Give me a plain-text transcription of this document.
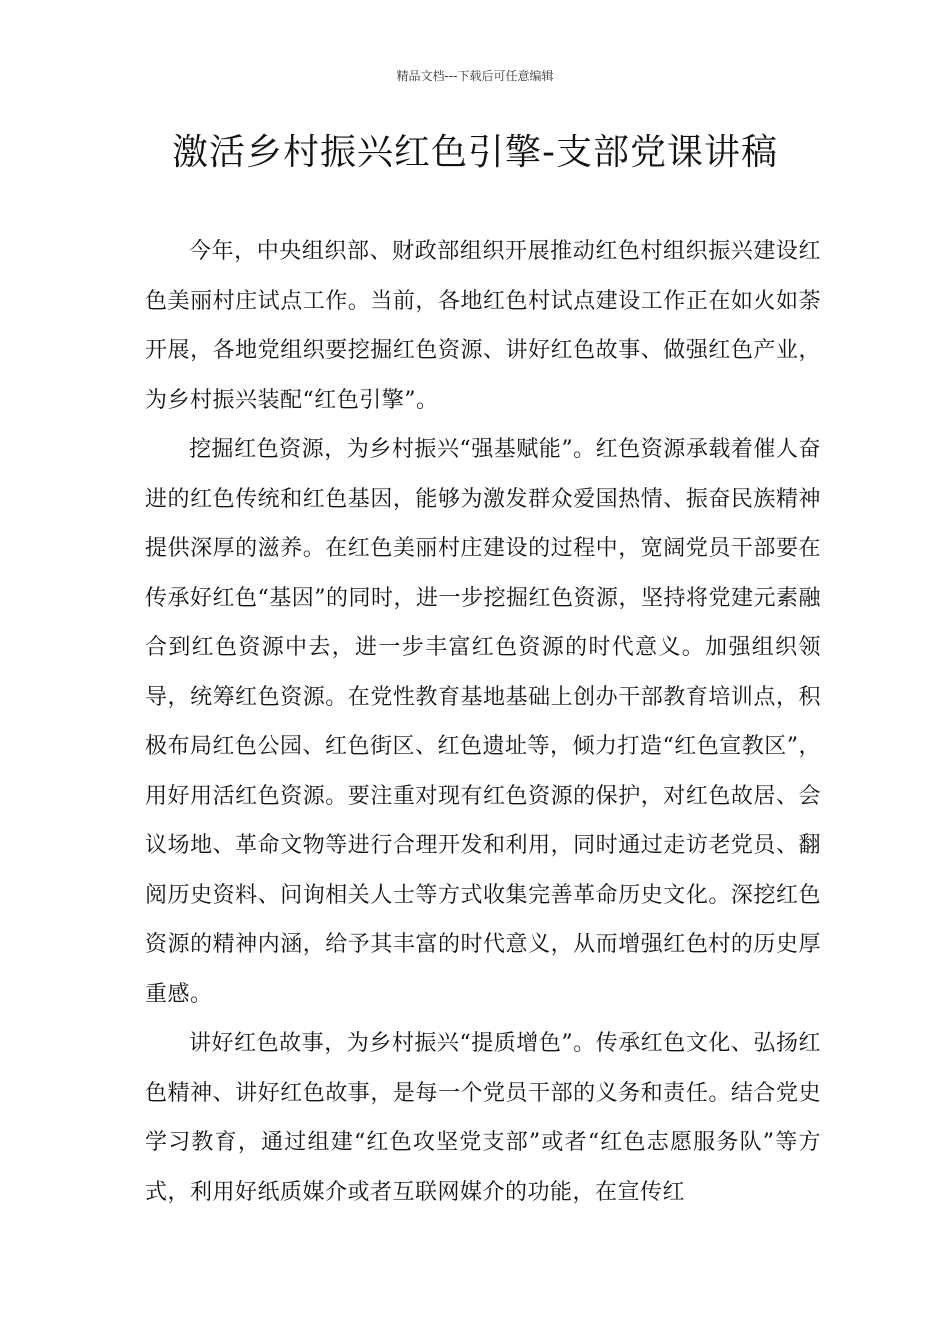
精品文档---下载后可任意编辑
激活乡村振兴红色引擎-支部党课讲稿

今年，中央组织部、财政部组织开展推动红色村组织振兴建设红色美丽村庄试点工作。当前，各地红色村试点建设工作正在如火如荼开展，各地党组织要挖掘红色资源、讲好红色故事、做强红色产业，为乡村振兴装配“红色引擎”。

挖掘红色资源，为乡村振兴“强基赋能”。红色资源承载着催人奋进的红色传统和红色基因，能够为激发群众爱国热情、振奋民族精神提供深厚的滋养。在红色美丽村庄建设的过程中，宽阔党员干部要在传承好红色“基因”的同时，进一步挖掘红色资源，坚持将党建元素融合到红色资源中去，进一步丰富红色资源的时代意义。加强组织领导，统筹红色资源。在党性教育基地基础上创办干部教育培训点，积极布局红色公园、红色街区、红色遗址等，倾力打造“红色宣教区”，用好用活红色资源。要注重对现有红色资源的保护，对红色故居、会议场地、革命文物等进行合理开发和利用，同时通过走访老党员、翻阅历史资料、问询相关人士等方式收集完善革命历史文化。深挖红色资源的精神内涵，给予其丰富的时代意义，从而增强红色村的历史厚重感。

讲好红色故事，为乡村振兴“提质增色”。传承红色文化、弘扬红色精神、讲好红色故事，是每一个党员干部的义务和责任。结合党史学习教育，通过组建“红色攻坚党支部”或者“红色志愿服务队”等方式，利用好纸质媒介或者互联网媒介的功能，在宣传红
